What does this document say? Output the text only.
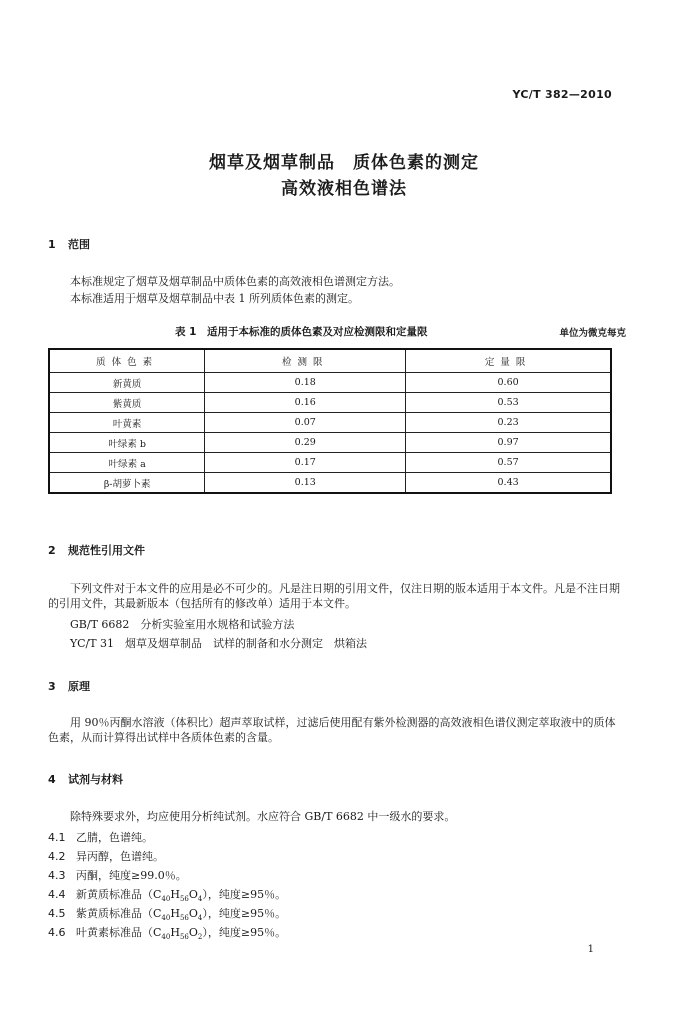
YC/T 382—2010
烟草及烟草制品　质体色素的测定
高效液相色谱法
1 范围
本标准规定了烟草及烟草制品中质体色素的高效液相色谱测定方法。
本标准适用于烟草及烟草制品中表 1 所列质体色素的测定。
表 1　适用于本标准的质体色素及对应检测限和定量限	单位为微克每克
质体色素	检测限	定量限
新黄质	0.18	0.60
紫黄质	0.16	0.53
叶黄素	0.07	0.23
叶绿素 b	0.29	0.97
叶绿素 a	0.17	0.57
β-胡萝卜素	0.13	0.43
2 规范性引用文件
下列文件对于本文件的应用是必不可少的。凡是注日期的引用文件，仅注日期的版本适用于本文件。凡是不注日期的引用文件，其最新版本（包括所有的修改单）适用于本文件。
GB/T 6682　分析实验室用水规格和试验方法
YC/T 31　烟草及烟草制品　试样的制备和水分测定　烘箱法
3 原理
用 90％丙酮水溶液（体积比）超声萃取试样，过滤后使用配有紫外检测器的高效液相色谱仪测定萃取液中的质体色素，从而计算得出试样中各质体色素的含量。
4 试剂与材料
除特殊要求外，均应使用分析纯试剂。水应符合 GB/T 6682 中一级水的要求。
4.1 乙腈，色谱纯。
4.2 异丙醇，色谱纯。
4.3 丙酮，纯度≥99.0％。
4.4 新黄质标准品$(C_{40}H_{56}O_4)$，纯度≥95％。
4.5 紫黄质标准品$(C_{40}H_{56}O_4)$，纯度≥95％。
4.6 叶黄素标准品$(C_{40}H_{56}O_2)$，纯度≥95％。
1
